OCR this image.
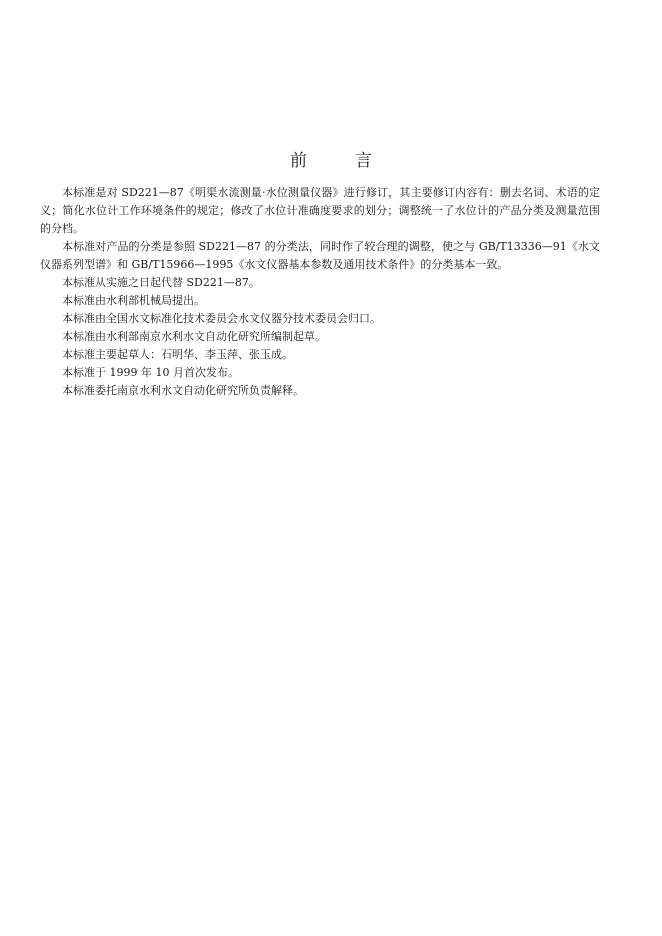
前	言

本标准是对 SD221—87《明渠水流测量·水位测量仪器》进行修订，其主要修订内容有：删去名词、术语的定义；简化水位计工作环境条件的规定；修改了水位计准确度要求的划分；调整统一了水位计的产品分类及测量范围的分档。

本标准对产品的分类是参照 SD221—87 的分类法，同时作了较合理的调整，使之与 GB/T13336—91《水文仪器系列型谱》和 GB/T15966—1995《水文仪器基本参数及通用技术条件》的分类基本一致。

本标准从实施之日起代替 SD221—87。

本标准由水利部机械局提出。

本标准由全国水文标准化技术委员会水文仪器分技术委员会归口。

本标准由水利部南京水利水文自动化研究所编制起草。

本标准主要起草人：石明华、李玉萍、张玉成。

本标准于 1999 年 10 月首次发布。

本标准委托南京水利水文自动化研究所负责解释。
